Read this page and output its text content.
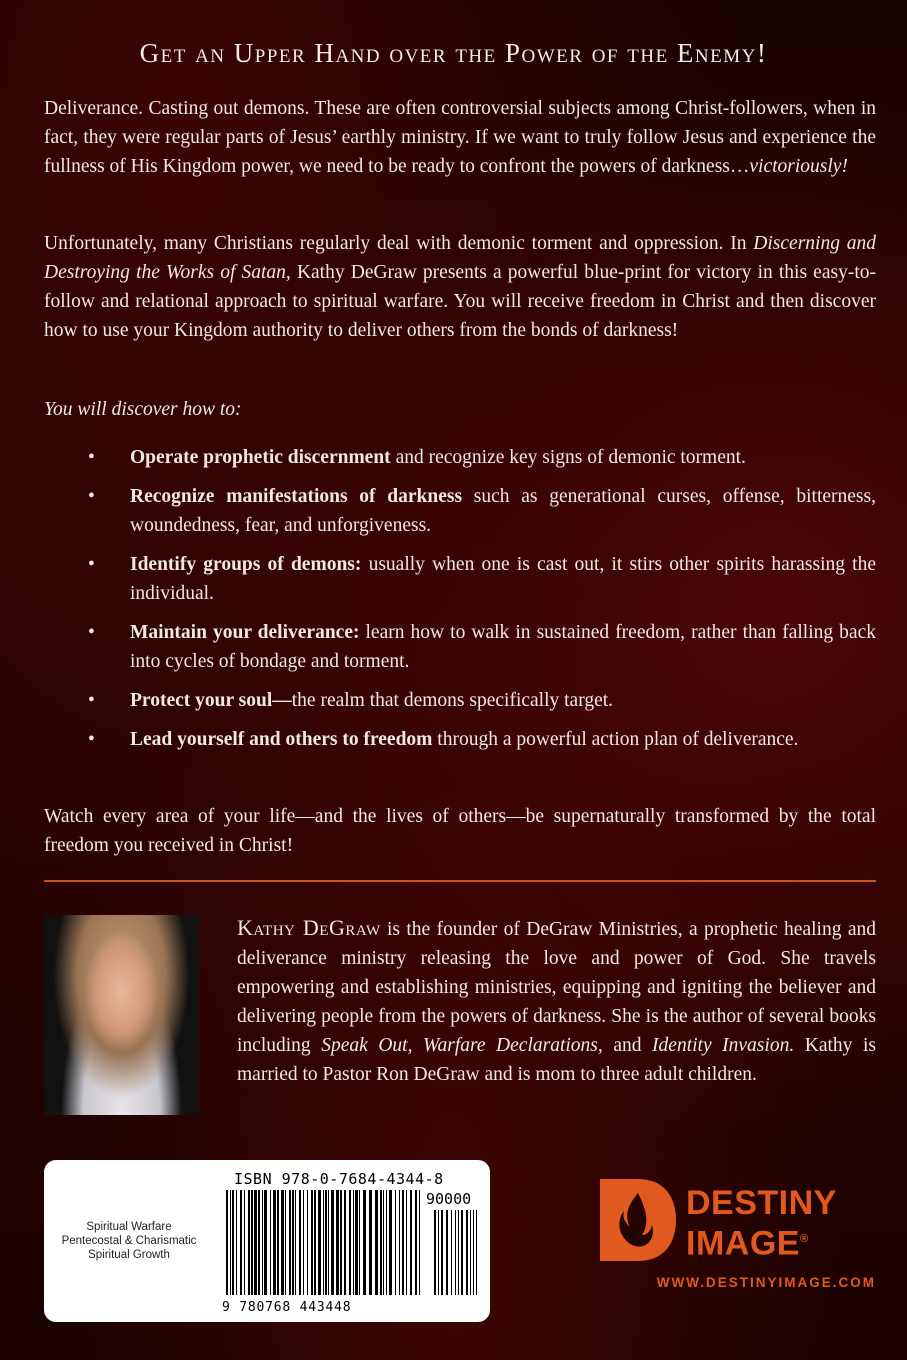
Get an Upper Hand over the Power of the Enemy!
Deliverance. Casting out demons. These are often controversial subjects among Christ-followers, when in fact, they were regular parts of Jesus’ earthly ministry. If we want to truly follow Jesus and experience the fullness of His Kingdom power, we need to be ready to confront the powers of darkness…victoriously!
Unfortunately, many Christians regularly deal with demonic torment and oppression. In Discerning and Destroying the Works of Satan, Kathy DeGraw presents a powerful blue-print for victory in this easy-to-follow and relational approach to spiritual warfare. You will receive freedom in Christ and then discover how to use your Kingdom authority to deliver others from the bonds of darkness!
You will discover how to:
• Operate prophetic discernment and recognize key signs of demonic torment.
• Recognize manifestations of darkness such as generational curses, offense, bitterness, woundedness, fear, and unforgiveness.
• Identify groups of demons: usually when one is cast out, it stirs other spirits harassing the individual.
• Maintain your deliverance: learn how to walk in sustained freedom, rather than falling back into cycles of bondage and torment.
• Protect your soul—the realm that demons specifically target.
• Lead yourself and others to freedom through a powerful action plan of deliverance.
Watch every area of your life—and the lives of others—be supernaturally transformed by the total freedom you received in Christ!
Kathy DeGraw is the founder of DeGraw Ministries, a prophetic healing and deliverance ministry releasing the love and power of God. She travels empowering and establishing ministries, equipping and igniting the believer and delivering people from the powers of darkness. She is the author of several books including Speak Out, Warfare Declarations, and Identity Invasion. Kathy is married to Pastor Ron DeGraw and is mom to three adult children.
Spiritual Warfare
Pentecostal & Charismatic
Spiritual Growth
ISBN 978-0-7684-4344-8
90000
9 780768 443448
DESTINY
IMAGE®
WWW.DESTINYIMAGE.COM
